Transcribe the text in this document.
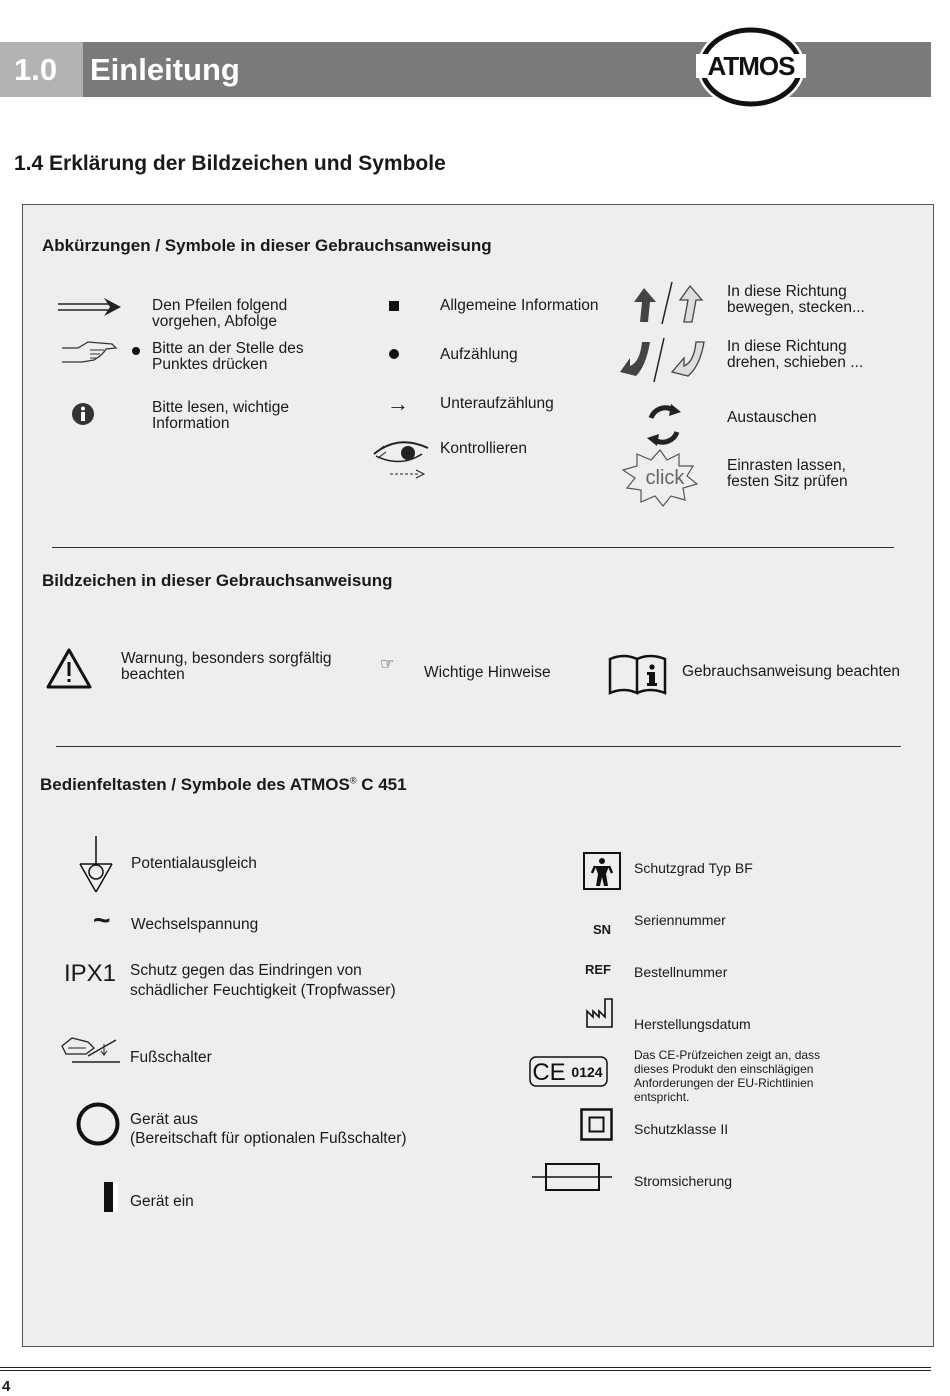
1.0 Einleitung	ATMOS
1.4 Erklärung der Bildzeichen und Symbole
Abkürzungen / Symbole in dieser Gebrauchsanweisung
Den Pfeilen folgend
vorgehen, Abfolge
Bitte an der Stelle des
Punktes drücken
Bitte lesen, wichtige
Information
Allgemeine Information
Aufzählung
→ Unteraufzählung
Kontrollieren
In diese Richtung
bewegen, stecken...
In diese Richtung
drehen, schieben ...
Austauschen
click
Einrasten lassen,
festen Sitz prüfen
Bildzeichen in dieser Gebrauchsanweisung
Warnung, besonders sorgfältig
beachten
☞ Wichtige Hinweise	Gebrauchsanweisung beachten
Bedienfeltasten / Symbole des ATMOS® C 451
Potentialausgleich
~ Wechselspannung
IPX1 Schutz gegen das Eindringen von
schädlicher Feuchtigkeit (Tropfwasser)
Fußschalter
Gerät aus
(Bereitschaft für optionalen Fußschalter)
Gerät ein
Schutzgrad Typ BF
SN
Seriennummer
REF Bestellnummer
Herstellungsdatum
CE 0124
Das CE-Prüfzeichen zeigt an, dass
dieses Produkt den einschlägigen
Anforderungen der EU-Richtlinien
entspricht.
Schutzklasse II
Stromsicherung
4
